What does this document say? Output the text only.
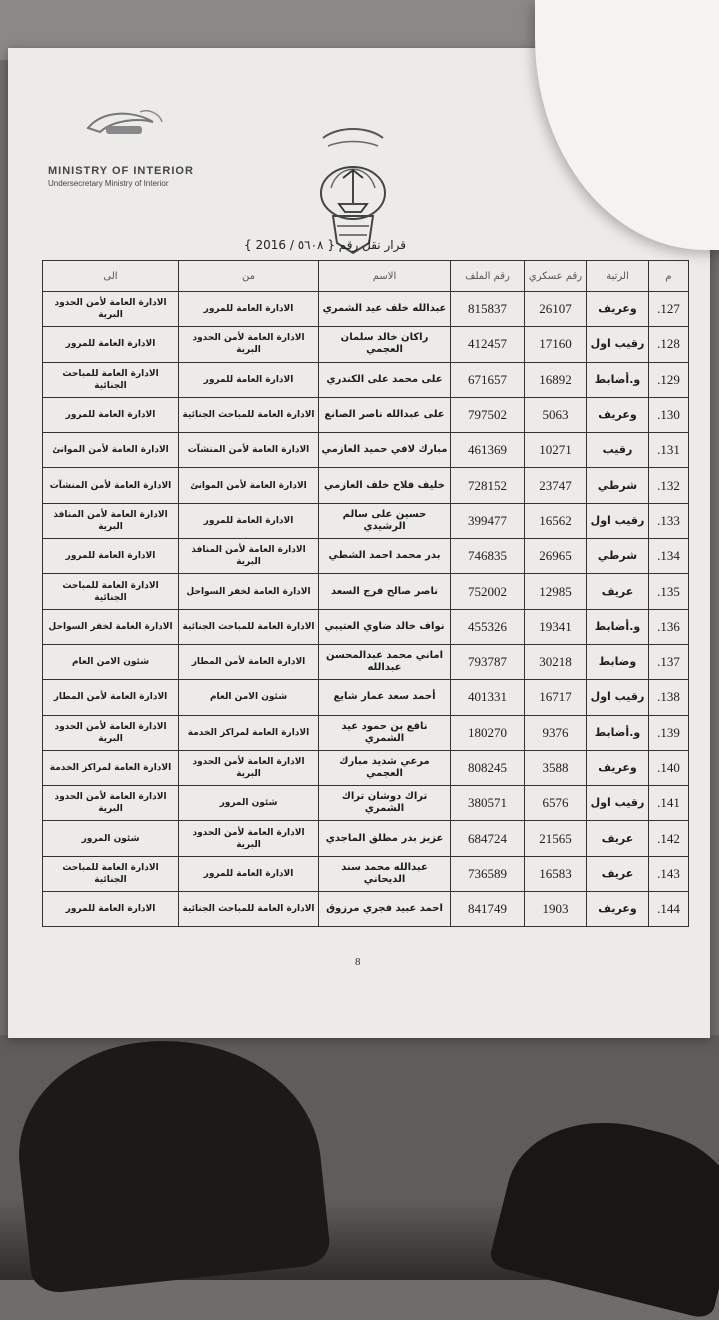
MINISTRY OF INTERIOR
Undersecretary Ministry of Interior
قرار نقل رقم { ٥٦٠٨ / 2016 }
م	الرتبة	رقم عسكري	رقم الملف	الاسم	من	الى
127.	وعريف	26107	815837	عبدالله خلف عيد الشمري	الادارة العامة للمرور	الادارة العامة لأمن الحدود البرية
128.	رقيب اول	17160	412457	راكان خالد سلمان العجمي	الادارة العامة لأمن الحدود البرية	الادارة العامة للمرور
129.	و.أضابط	16892	671657	على محمد على الكندري	الادارة العامة للمرور	الادارة العامة للمباحث الجنائية
130.	وعريف	5063	797502	على عبدالله ناصر الصانع	الادارة العامة للمباحث الجنائية	الادارة العامة للمرور
131.	رقيب	10271	461369	مبارك لافي حميد العازمي	الادارة العامة لأمن المنشآت	الادارة العامة لأمن الموانئ
132.	شرطي	23747	728152	خليف فلاح خلف العازمي	الادارة العامة لأمن الموانئ	الادارة العامة لأمن المنشآت
133.	رقيب اول	16562	399477	حسين على سالم الرشيدي	الادارة العامة للمرور	الادارة العامة لأمن المنافذ البرية
134.	شرطي	26965	746835	بدر محمد احمد الشطي	الادارة العامة لأمن المنافذ البرية	الادارة العامة للمرور
135.	عريف	12985	752002	ناصر صالح فرج السعد	الادارة العامة لخفر السواحل	الادارة العامة للمباحث الجنائية
136.	و.أضابط	19341	455326	نواف خالد ضاوي العتيبي	الادارة العامة للمباحث الجنائية	الادارة العامة لخفر السواحل
137.	وضابط	30218	793787	اماني محمد عبدالمحسن عبدالله	الادارة العامة لأمن المطار	شئون الامن العام
138.	رقيب اول	16717	401331	أحمد سعد عمار شايع	شئون الامن العام	الادارة العامة لأمن المطار
139.	و.أضابط	9376	180270	نافع بن حمود عيد الشمري	الادارة العامة لمراكز الخدمة	الادارة العامة لأمن الحدود البرية
140.	وعريف	3588	808245	مرعي شديد مبارك العجمي	الادارة العامة لأمن الحدود البرية	الادارة العامة لمراكز الخدمة
141.	رقيب اول	6576	380571	تراك دوشان تراك الشمري	شئون المرور	الادارة العامة لأمن الحدود البرية
142.	عريف	21565	684724	عزيز بدر مطلق الماجدي	الادارة العامة لأمن الحدود البرية	شئون المرور
143.	عريف	16583	736589	عبدالله محمد سند الديحاني	الادارة العامة للمرور	الادارة العامة للمباحث الجنائية
144.	وعريف	1903	841749	احمد عبيد فجري مرزوق	الادارة العامة للمباحث الجنائية	الادارة العامة للمرور
8
